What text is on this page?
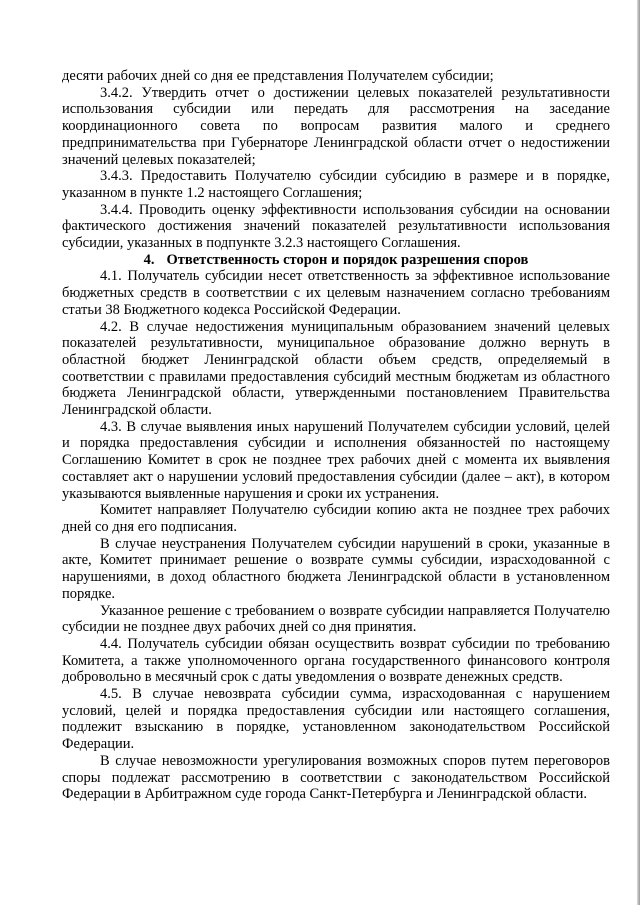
десяти рабочих дней со дня ее представления Получателем субсидии;

3.4.2. Утвердить отчет о достижении целевых показателей результативности использования субсидии или передать для рассмотрения на заседание координационного совета по вопросам развития малого и среднего предпринимательства при Губернаторе Ленинградской области отчет о недостижении значений целевых показателей;

3.4.3. Предоставить Получателю субсидии субсидию в размере и в порядке, указанном в пункте 1.2 настоящего Соглашения;

3.4.4. Проводить оценку эффективности использования субсидии на основании фактического достижения значений показателей результативности использования субсидии, указанных в подпункте 3.2.3 настоящего Соглашения.

4. Ответственность сторон и порядок разрешения споров

4.1. Получатель субсидии несет ответственность за эффективное использование бюджетных средств в соответствии с их целевым назначением согласно требованиям статьи 38 Бюджетного кодекса Российской Федерации.

4.2. В случае недостижения муниципальным образованием значений целевых показателей результативности, муниципальное образование должно вернуть в областной бюджет Ленинградской области объем средств, определяемый в соответствии с правилами предоставления субсидий местным бюджетам из областного бюджета Ленинградской области, утвержденными постановлением Правительства Ленинградской области.

4.3. В случае выявления иных нарушений Получателем субсидии условий, целей и порядка предоставления субсидии и исполнения обязанностей по настоящему Соглашению Комитет в срок не позднее трех рабочих дней с момента их выявления составляет акт о нарушении условий предоставления субсидии (далее – акт), в котором указываются выявленные нарушения и сроки их устранения.

Комитет направляет Получателю субсидии копию акта не позднее трех рабочих дней со дня его подписания.

В случае неустранения Получателем субсидии нарушений в сроки, указанные в акте, Комитет принимает решение о возврате суммы субсидии, израсходованной с нарушениями, в доход областного бюджета Ленинградской области в установленном порядке.

Указанное решение с требованием о возврате субсидии направляется Получателю субсидии не позднее двух рабочих дней со дня принятия.

4.4. Получатель субсидии обязан осуществить возврат субсидии по требованию Комитета, а также уполномоченного органа государственного финансового контроля добровольно в месячный срок с даты уведомления о возврате денежных средств.

4.5. В случае невозврата субсидии сумма, израсходованная с нарушением условий, целей и порядка предоставления субсидии или настоящего соглашения, подлежит взысканию в порядке, установленном законодательством Российской Федерации.

В случае невозможности урегулирования возможных споров путем переговоров споры подлежат рассмотрению в соответствии с законодательством Российской Федерации в Арбитражном суде города Санкт-Петербурга и Ленинградской области.
